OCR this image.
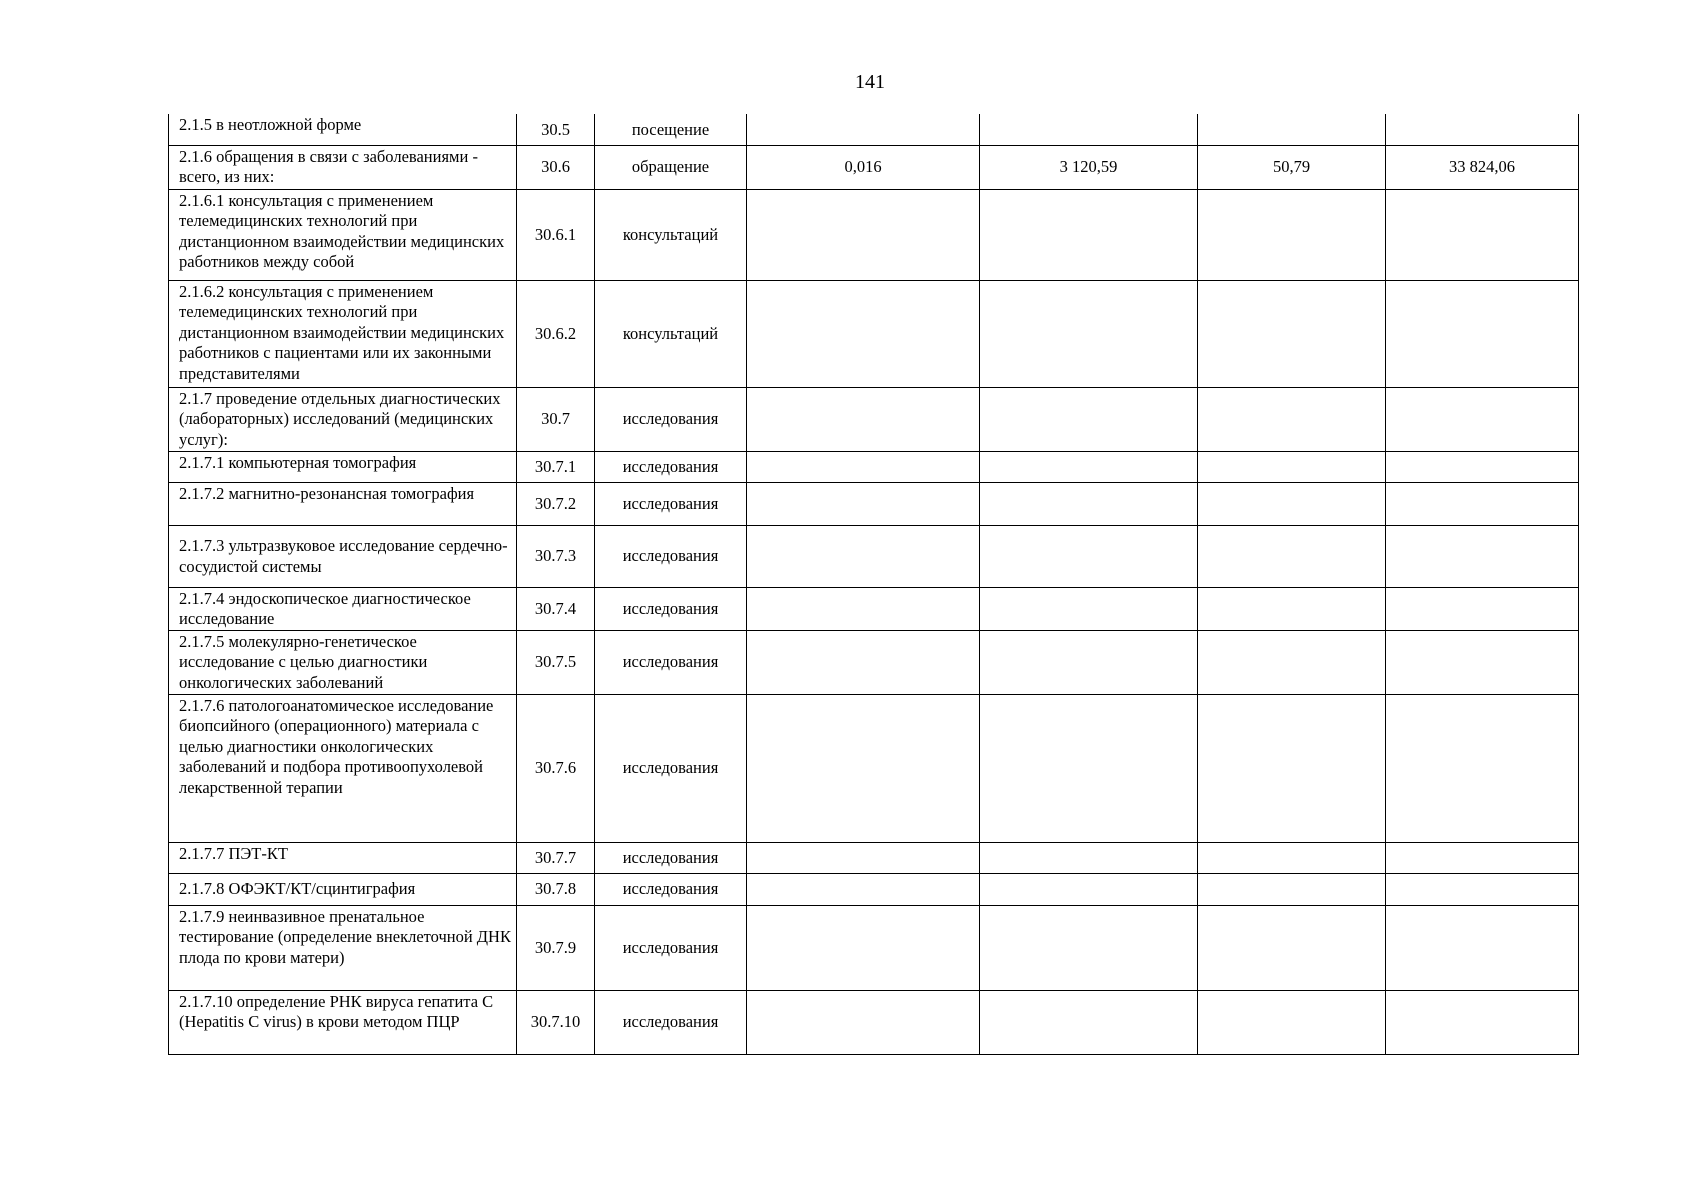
141
2.1.5 в неотложной форме	30.5	посещение				
2.1.6 обращения в связи с заболеваниями - всего, из них:	30.6	обращение	0,016	3 120,59	50,79	33 824,06
2.1.6.1 консультация с применением телемедицинских технологий при дистанционном взаимодействии медицинских работников между собой	30.6.1	консультаций				
2.1.6.2 консультация с применением телемедицинских технологий при дистанционном взаимодействии медицинских работников с пациентами или их законными представителями	30.6.2	консультаций				
2.1.7 проведение отдельных диагностических (лабораторных) исследований (медицинских услуг):	30.7	исследования				
2.1.7.1 компьютерная томография	30.7.1	исследования				
2.1.7.2 магнитно-резонансная томография	30.7.2	исследования				
2.1.7.3 ультразвуковое исследование сердечно-сосудистой системы	30.7.3	исследования				
2.1.7.4 эндоскопическое диагностическое исследование	30.7.4	исследования				
2.1.7.5 молекулярно-генетическое исследование с целью диагностики онкологических заболеваний	30.7.5	исследования				
2.1.7.6 патологоанатомическое исследование биопсийного (операционного) материала с целью диагностики онкологических заболеваний и подбора противоопухолевой лекарственной терапии	30.7.6	исследования				
2.1.7.7 ПЭТ-КТ	30.7.7	исследования				
2.1.7.8 ОФЭКТ/КТ/сцинтиграфия	30.7.8	исследования				
2.1.7.9 неинвазивное пренатальное тестирование (определение внеклеточной ДНК плода по крови матери)	30.7.9	исследования				
2.1.7.10 определение РНК вируса гепатита С (Hepatitis C virus) в крови методом ПЦР	30.7.10	исследования				
